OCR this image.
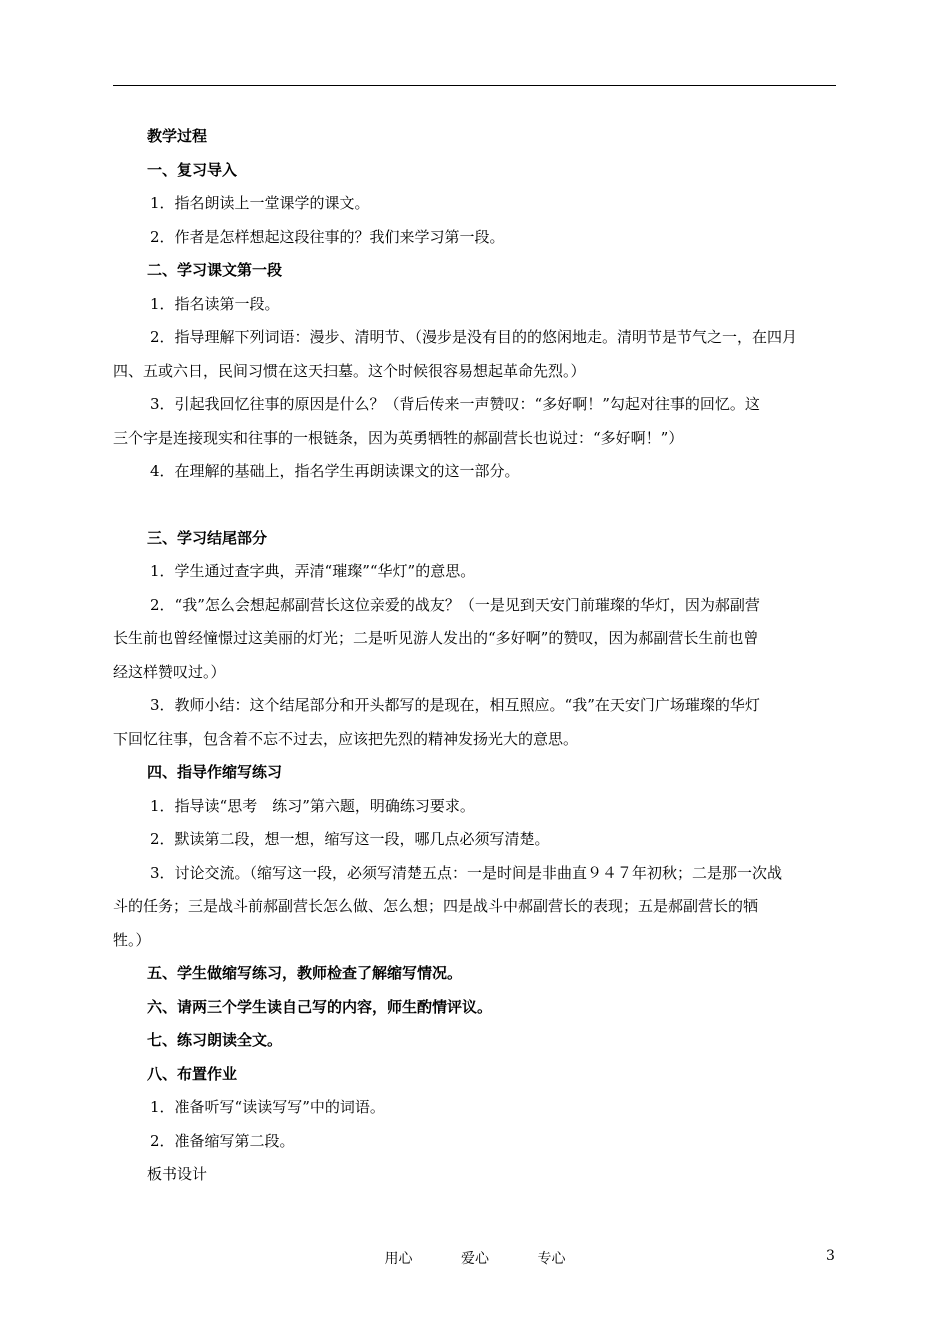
教学过程
一、复习导入
1．指名朗读上一堂课学的课文。
2．作者是怎样想起这段往事的？我们来学习第一段。
二、学习课文第一段
1．指名读第一段。
2．指导理解下列词语：漫步、清明节、（漫步是没有目的的悠闲地走。清明节是节气之一，在四月
四、五或六日，民间习惯在这天扫墓。这个时候很容易想起革命先烈。）
3．引起我回忆往事的原因是什么？（背后传来一声赞叹：“多好啊！”勾起对往事的回忆。这
三个字是连接现实和往事的一根链条，因为英勇牺牲的郝副营长也说过：“多好啊！”）
4．在理解的基础上，指名学生再朗读课文的这一部分。
三、学习结尾部分
1．学生通过查字典，弄清“璀璨”“华灯”的意思。
2．“我”怎么会想起郝副营长这位亲爱的战友？（一是见到天安门前璀璨的华灯，因为郝副营
长生前也曾经憧憬过这美丽的灯光；二是听见游人发出的“多好啊”的赞叹，因为郝副营长生前也曾
经这样赞叹过。）
3．教师小结：这个结尾部分和开头都写的是现在，相互照应。“我”在天安门广场璀璨的华灯
下回忆往事，包含着不忘不过去，应该把先烈的精神发扬光大的意思。
四、指导作缩写练习
1．指导读“思考　练习”第六题，明确练习要求。
2．默读第二段，想一想，缩写这一段，哪几点必须写清楚。
3．讨论交流。（缩写这一段，必须写清楚五点：一是时间是非曲直９４７年初秋；二是那一次战
斗的任务；三是战斗前郝副营长怎么做、怎么想；四是战斗中郝副营长的表现；五是郝副营长的牺
牲。）
五、学生做缩写练习，教师检查了解缩写情况。
六、请两三个学生读自己写的内容，师生酌情评议。
七、练习朗读全文。
八、布置作业
1．准备听写“读读写写”中的词语。
2．准备缩写第二段。
板书设计
用心	爱心	专心	3
